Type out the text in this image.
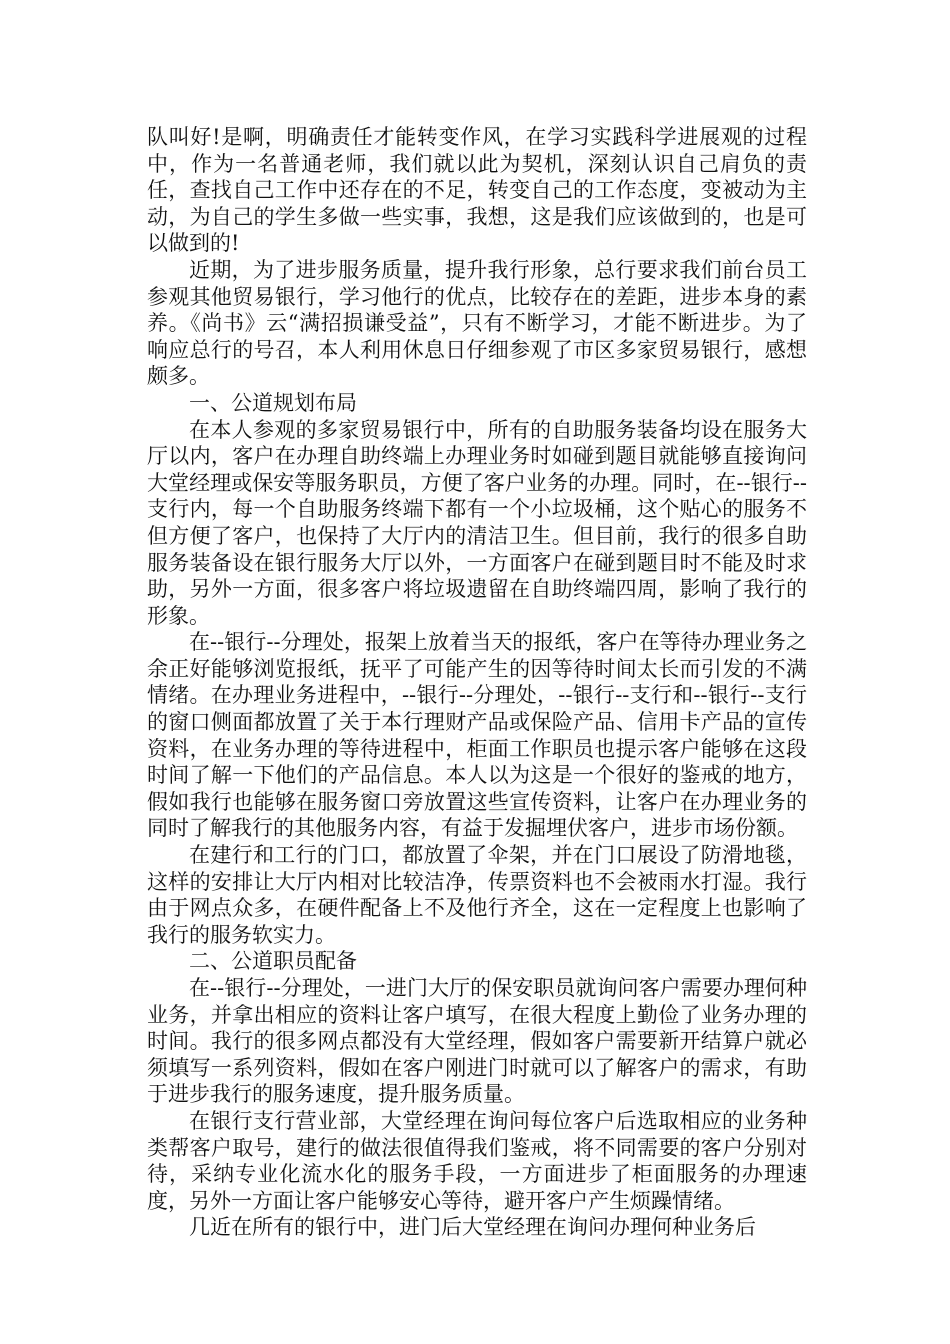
队叫好!是啊，明确责任才能转变作风，在学习实践科学进展观的过程中，作为一名普通老师，我们就以此为契机，深刻认识自己肩负的责任，查找自己工作中还存在的不足，转变自己的工作态度，变被动为主动，为自己的学生多做一些实事，我想，这是我们应该做到的，也是可以做到的!

近期，为了进步服务质量，提升我行形象，总行要求我们前台员工参观其他贸易银行，学习他行的优点，比较存在的差距，进步本身的素养。《尚书》云“满招损谦受益”，只有不断学习，才能不断进步。为了响应总行的号召，本人利用休息日仔细参观了市区多家贸易银行，感想颇多。

一、公道规划布局

在本人参观的多家贸易银行中，所有的自助服务装备均设在服务大厅以内，客户在办理自助终端上办理业务时如碰到题目就能够直接询问大堂经理或保安等服务职员，方便了客户业务的办理。同时，在--银行--支行内，每一个自助服务终端下都有一个小垃圾桶，这个贴心的服务不但方便了客户，也保持了大厅内的清洁卫生。但目前，我行的很多自助服务装备设在银行服务大厅以外，一方面客户在碰到题目时不能及时求助，另外一方面，很多客户将垃圾遗留在自助终端四周，影响了我行的形象。

在--银行--分理处，报架上放着当天的报纸，客户在等待办理业务之余正好能够浏览报纸，抚平了可能产生的因等待时间太长而引发的不满情绪。在办理业务进程中，--银行--分理处，--银行--支行和--银行--支行的窗口侧面都放置了关于本行理财产品或保险产品、信用卡产品的宣传资料，在业务办理的等待进程中，柜面工作职员也提示客户能够在这段时间了解一下他们的产品信息。本人以为这是一个很好的鉴戒的地方，假如我行也能够在服务窗口旁放置这些宣传资料，让客户在办理业务的同时了解我行的其他服务内容，有益于发掘埋伏客户，进步市场份额。

在建行和工行的门口，都放置了伞架，并在门口展设了防滑地毯，这样的安排让大厅内相对比较洁净，传票资料也不会被雨水打湿。我行由于网点众多，在硬件配备上不及他行齐全，这在一定程度上也影响了我行的服务软实力。

二、公道职员配备

在--银行--分理处，一进门大厅的保安职员就询问客户需要办理何种业务，并拿出相应的资料让客户填写，在很大程度上勤俭了业务办理的时间。我行的很多网点都没有大堂经理，假如客户需要新开结算户就必须填写一系列资料，假如在客户刚进门时就可以了解客户的需求，有助于进步我行的服务速度，提升服务质量。

在银行支行营业部，大堂经理在询问每位客户后选取相应的业务种类帮客户取号，建行的做法很值得我们鉴戒，将不同需要的客户分别对待，采纳专业化流水化的服务手段，一方面进步了柜面服务的办理速度，另外一方面让客户能够安心等待，避开客户产生烦躁情绪。

几近在所有的银行中，进门后大堂经理在询问办理何种业务后
